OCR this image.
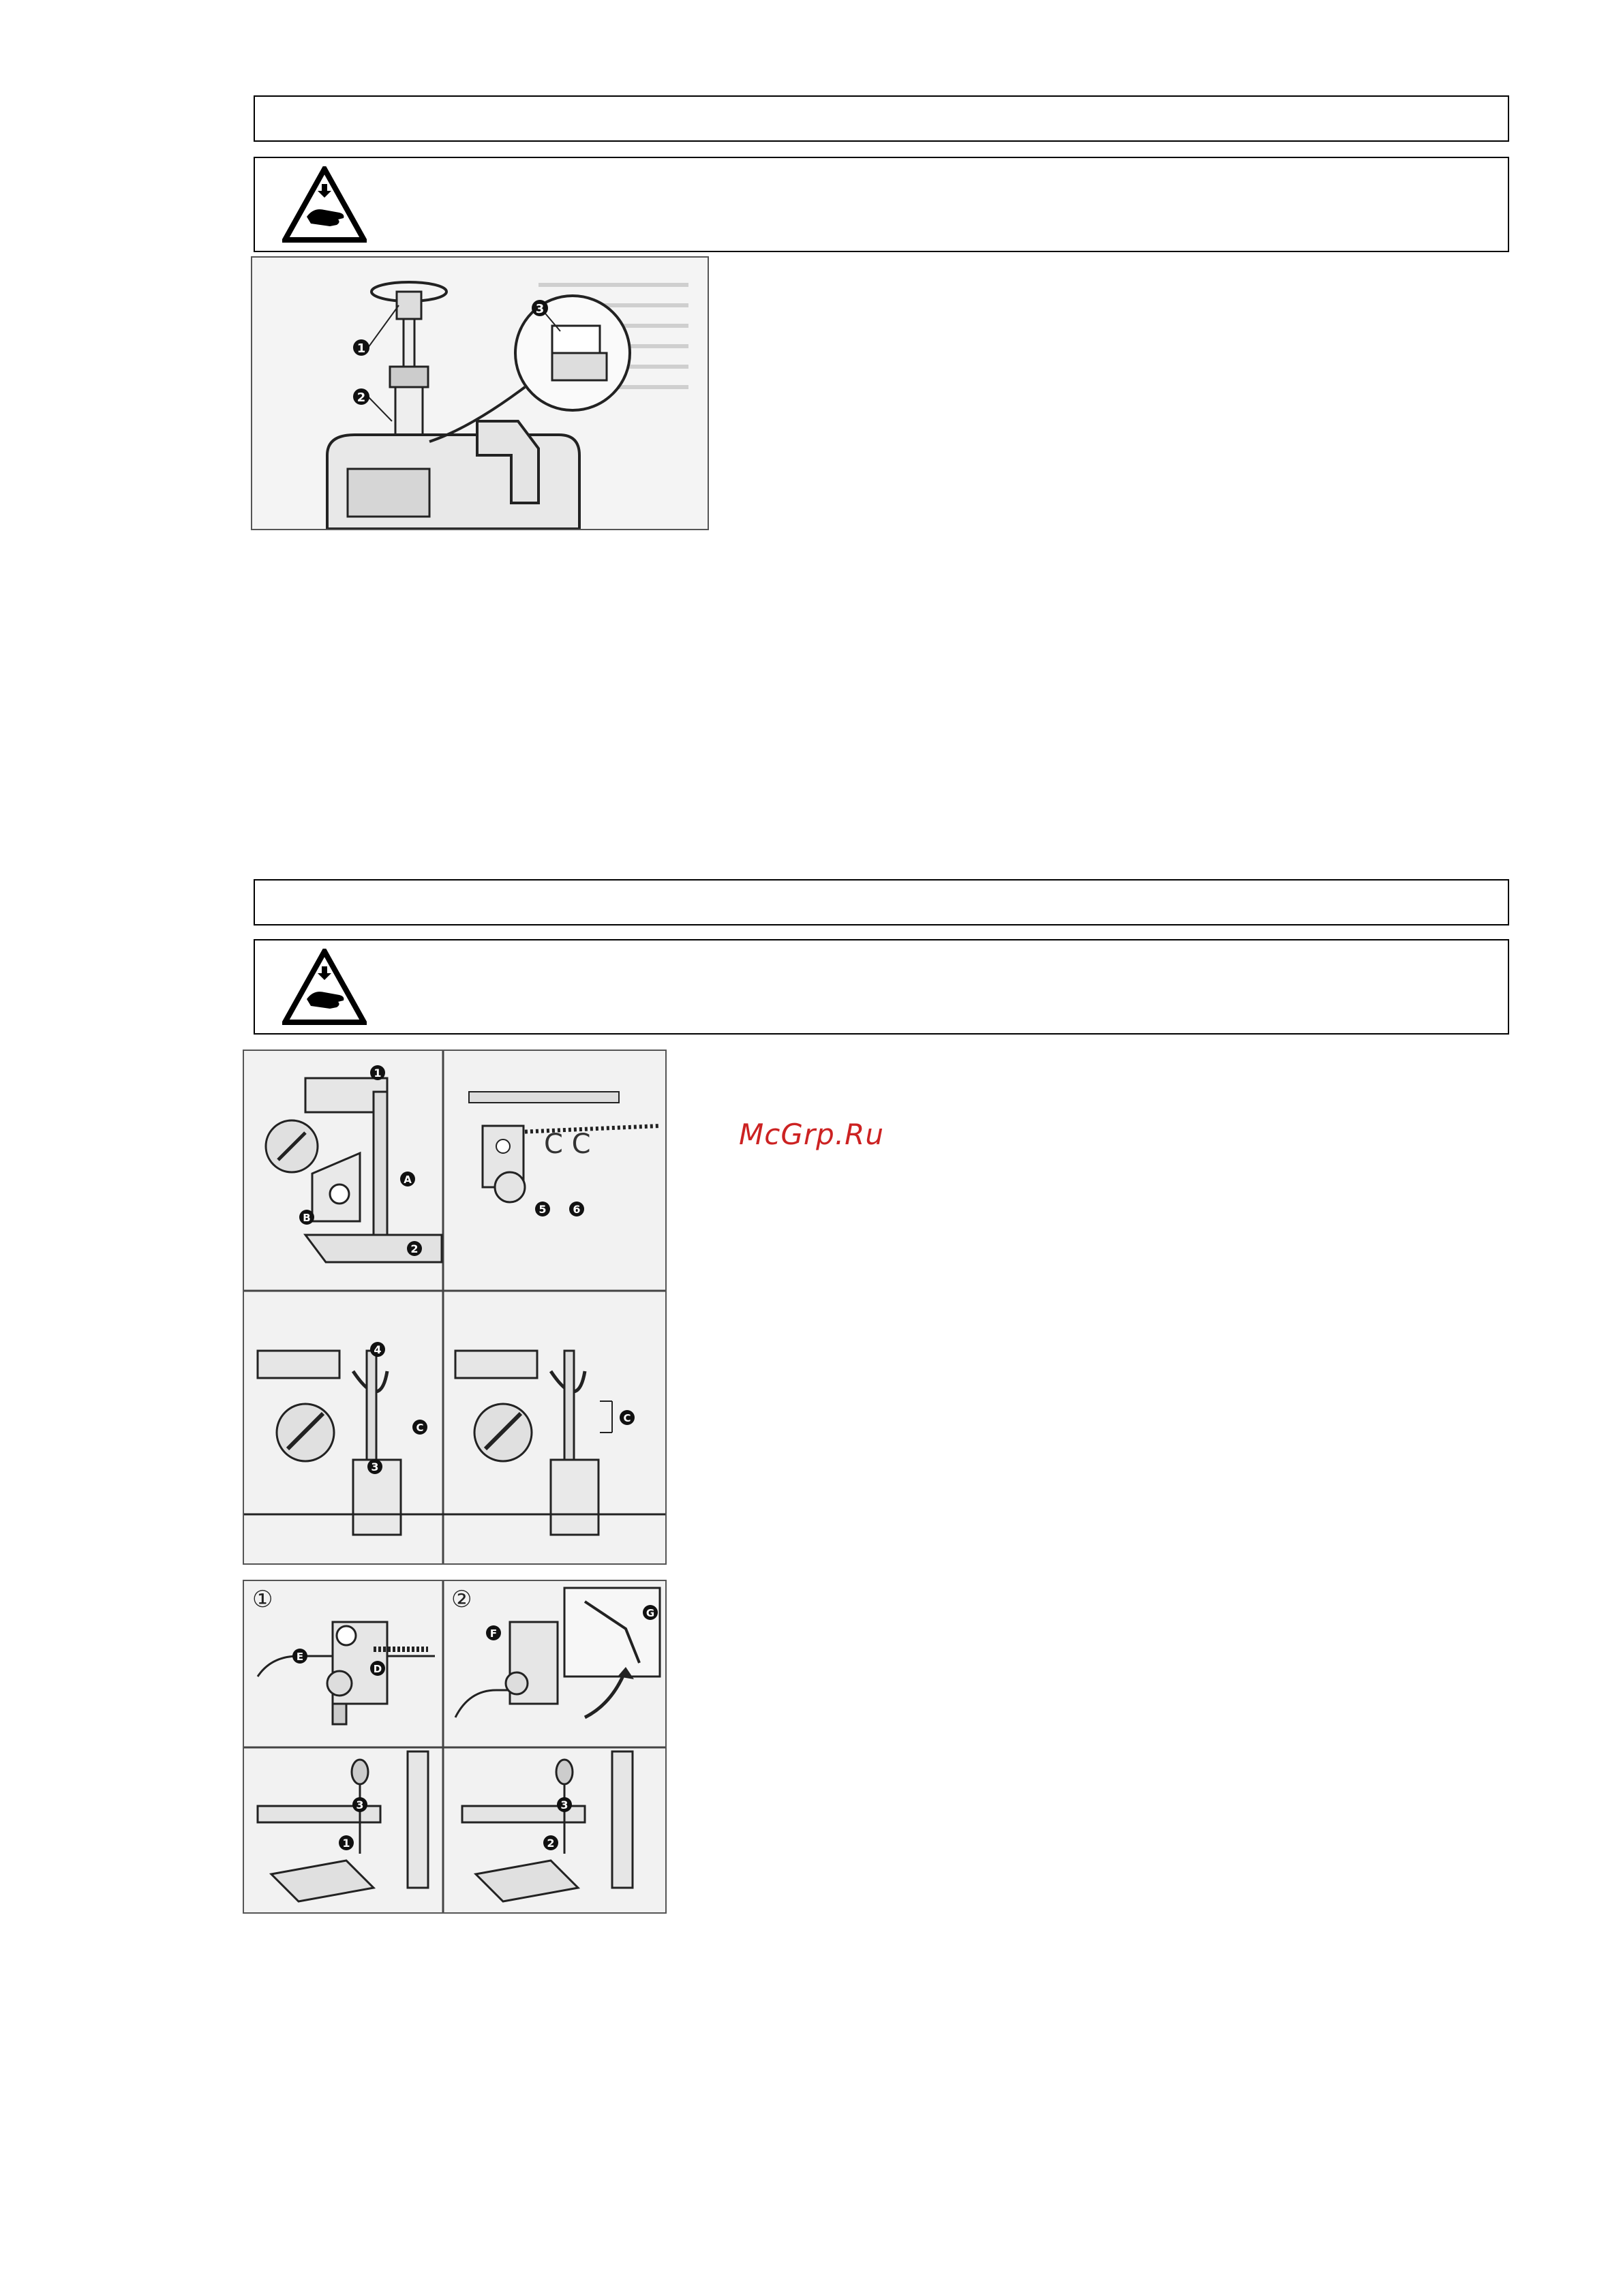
1
2
3
1
2
A
B
C C
5 6
4
C
3
C
①	②
E
D
F
G
3
1
3
2
McGrp.Ru
